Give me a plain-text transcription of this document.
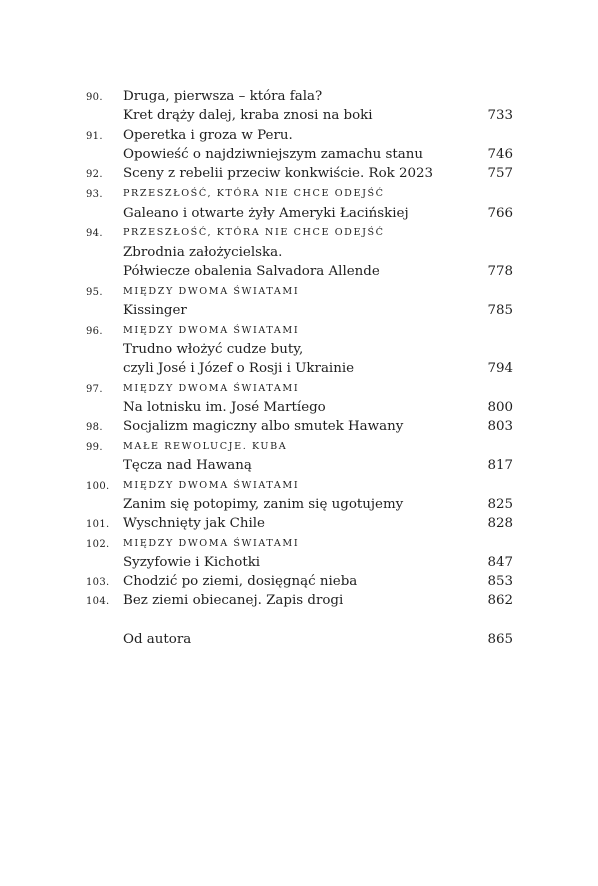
90. Druga, pierwsza – która fala?
Kret drąży dalej, kraba znosi na boki	733
91. Operetka i groza w Peru.
Opowieść o najdziwniejszym zamachu stanu	746
92. Sceny z rebelii przeciw konkwiście. Rok 2023	757
93. PRZESZŁOŚĆ, KTÓRA NIE CHCE ODEJŚĆ
Galeano i otwarte żyły Ameryki Łacińskiej	766
94. PRZESZŁOŚĆ, KTÓRA NIE CHCE ODEJŚĆ
Zbrodnia założycielska.
Półwiecze obalenia Salvadora Allende	778
95. MIĘDZY DWOMA ŚWIATAMI
Kissinger	785
96. MIĘDZY DWOMA ŚWIATAMI
Trudno włożyć cudze buty,
czyli José i Józef o Rosji i Ukrainie	794
97. MIĘDZY DWOMA ŚWIATAMI
Na lotnisku im. José Martíego	800
98. Socjalizm magiczny albo smutek Hawany	803
99. MAŁE REWOLUCJE. KUBA
Tęcza nad Hawaną	817
100. MIĘDZY DWOMA ŚWIATAMI
Zanim się potopimy, zanim się ugotujemy	825
101. Wyschnięty jak Chile	828
102. MIĘDZY DWOMA ŚWIATAMI
Syzyfowie i Kichotki	847
103. Chodzić po ziemi, dosięgnąć nieba	853
104. Bez ziemi obiecanej. Zapis drogi	862
Od autora	865
